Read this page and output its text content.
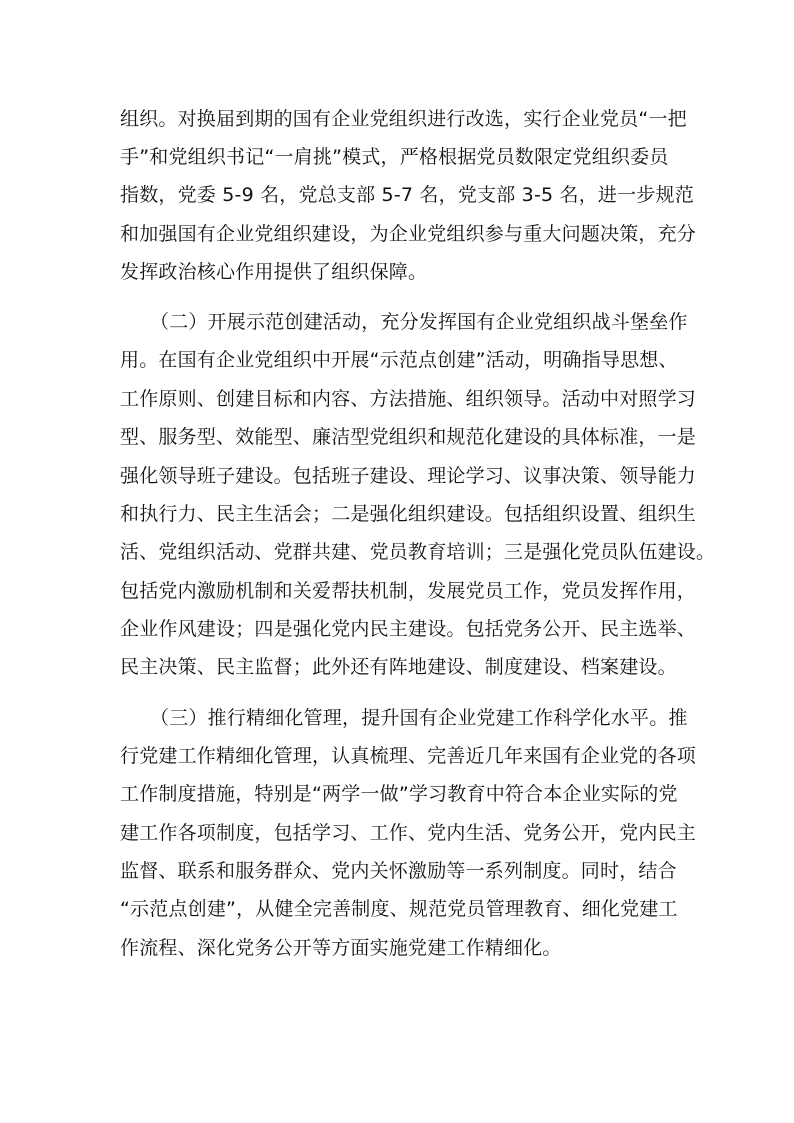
组织。对换届到期的国有企业党组织进行改选，实行企业党员“一把
手”和党组织书记“一肩挑”模式，严格根据党员数限定党组织委员
指数，党委 5-9 名，党总支部 5-7 名，党支部 3-5 名，进一步规范
和加强国有企业党组织建设，为企业党组织参与重大问题决策，充分
发挥政治核心作用提供了组织保障。
（二）开展示范创建活动，充分发挥国有企业党组织战斗堡垒作
用。在国有企业党组织中开展“示范点创建”活动，明确指导思想、
工作原则、创建目标和内容、方法措施、组织领导。活动中对照学习
型、服务型、效能型、廉洁型党组织和规范化建设的具体标准，一是
强化领导班子建设。包括班子建设、理论学习、议事决策、领导能力
和执行力、民主生活会；二是强化组织建设。包括组织设置、组织生
活、党组织活动、党群共建、党员教育培训；三是强化党员队伍建设。
包括党内激励机制和关爱帮扶机制，发展党员工作，党员发挥作用，
企业作风建设；四是强化党内民主建设。包括党务公开、民主选举、
民主决策、民主监督；此外还有阵地建设、制度建设、档案建设。
（三）推行精细化管理，提升国有企业党建工作科学化水平。推
行党建工作精细化管理，认真梳理、完善近几年来国有企业党的各项
工作制度措施，特别是“两学一做”学习教育中符合本企业实际的党
建工作各项制度，包括学习、工作、党内生活、党务公开，党内民主
监督、联系和服务群众、党内关怀激励等一系列制度。同时，结合
“示范点创建”，从健全完善制度、规范党员管理教育、细化党建工
作流程、深化党务公开等方面实施党建工作精细化。
